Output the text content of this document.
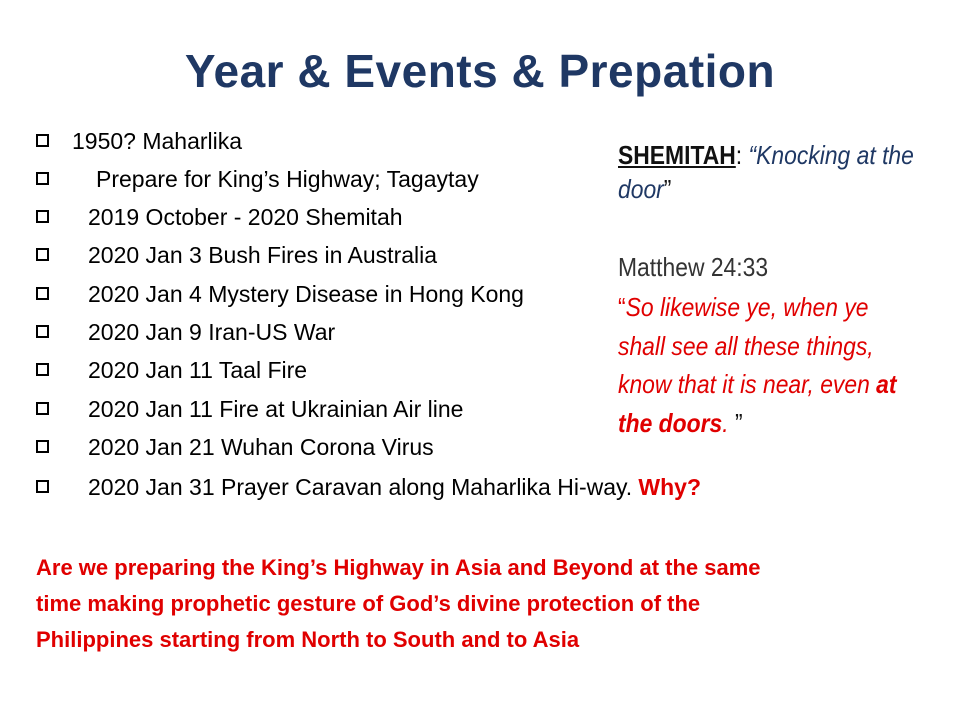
Year & Events & Prepation
1950? Maharlika
Prepare for King’s Highway; Tagaytay
2019 October - 2020 Shemitah
2020 Jan 3 Bush Fires in Australia
2020 Jan 4 Mystery Disease in Hong Kong
2020 Jan 9 Iran-US War
2020 Jan 11 Taal Fire
2020 Jan 11 Fire at Ukrainian Air line
2020 Jan 21 Wuhan Corona Virus
2020 Jan 31 Prayer Caravan along Maharlika Hi-way. Why?
SHEMITAH: “Knocking at the door”
Matthew 24:33
“So likewise ye, when ye shall see all these things, know that it is near, even at the doors. ”
Are we preparing the King’s Highway in Asia and Beyond at the same
time making prophetic gesture of God’s divine protection of the
Philippines starting from North to South and to Asia
